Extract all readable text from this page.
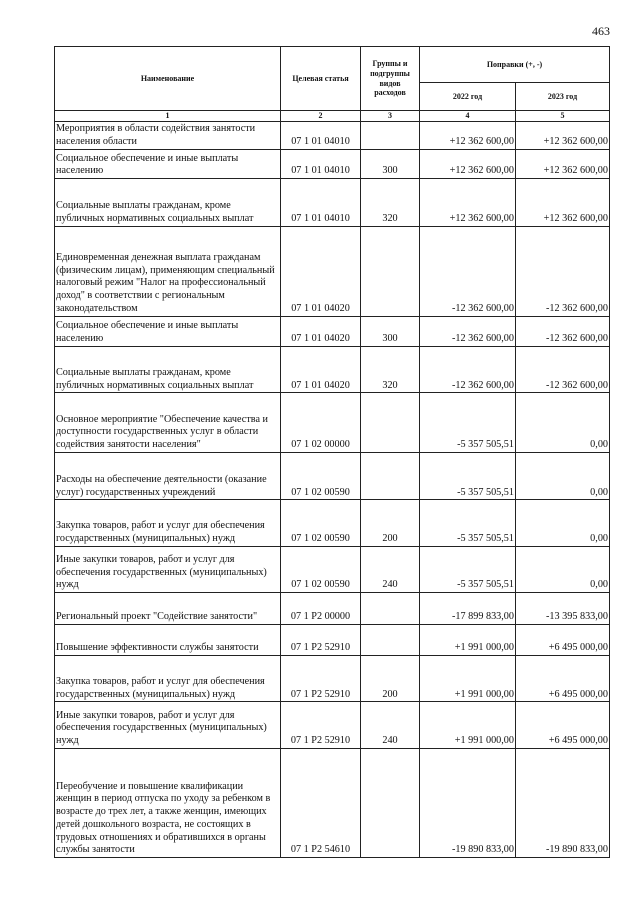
463
Наименование	Целевая статья	Группы и подгруппы видов расходов	Поправки (+, -)	
			2022 год	2023 год
1	2	3	4	5
Мероприятия в области содействия занятости населения области	07 1 01 04010		+12 362 600,00	+12 362 600,00
Социальное обеспечение и иные выплаты населению	07 1 01 04010	300	+12 362 600,00	+12 362 600,00
Социальные выплаты гражданам, кроме публичных нормативных социальных выплат	07 1 01 04010	320	+12 362 600,00	+12 362 600,00
Единовременная денежная выплата гражданам (физическим лицам), применяющим специальный налоговый режим "Налог на профессиональный доход" в соответствии с региональным законодательством	07 1 01 04020		-12 362 600,00	-12 362 600,00
Социальное обеспечение и иные выплаты населению	07 1 01 04020	300	-12 362 600,00	-12 362 600,00
Социальные выплаты гражданам, кроме публичных нормативных социальных выплат	07 1 01 04020	320	-12 362 600,00	-12 362 600,00
Основное мероприятие "Обеспечение качества и доступности государственных услуг в области содействия занятости населения"	07 1 02 00000		-5 357 505,51	0,00
Расходы на обеспечение деятельности (оказание услуг) государственных учреждений	07 1 02 00590		-5 357 505,51	0,00
Закупка товаров, работ и услуг для обеспечения государственных (муниципальных) нужд	07 1 02 00590	200	-5 357 505,51	0,00
Иные закупки товаров, работ и услуг для обеспечения государственных (муниципальных) нужд	07 1 02 00590	240	-5 357 505,51	0,00
Региональный проект "Содействие занятости"	07 1 P2 00000		-17 899 833,00	-13 395 833,00
Повышение эффективности службы занятости	07 1 P2 52910		+1 991 000,00	+6 495 000,00
Закупка товаров, работ и услуг для обеспечения государственных (муниципальных) нужд	07 1 P2 52910	200	+1 991 000,00	+6 495 000,00
Иные закупки товаров, работ и услуг для обеспечения государственных (муниципальных) нужд	07 1 P2 52910	240	+1 991 000,00	+6 495 000,00
Переобучение и повышение квалификации женщин в период отпуска по уходу за ребенком в возрасте до трех лет, а также женщин, имеющих детей дошкольного возраста, не состоящих в трудовых отношениях и обратившихся в органы службы занятости	07 1 P2 54610		-19 890 833,00	-19 890 833,00
